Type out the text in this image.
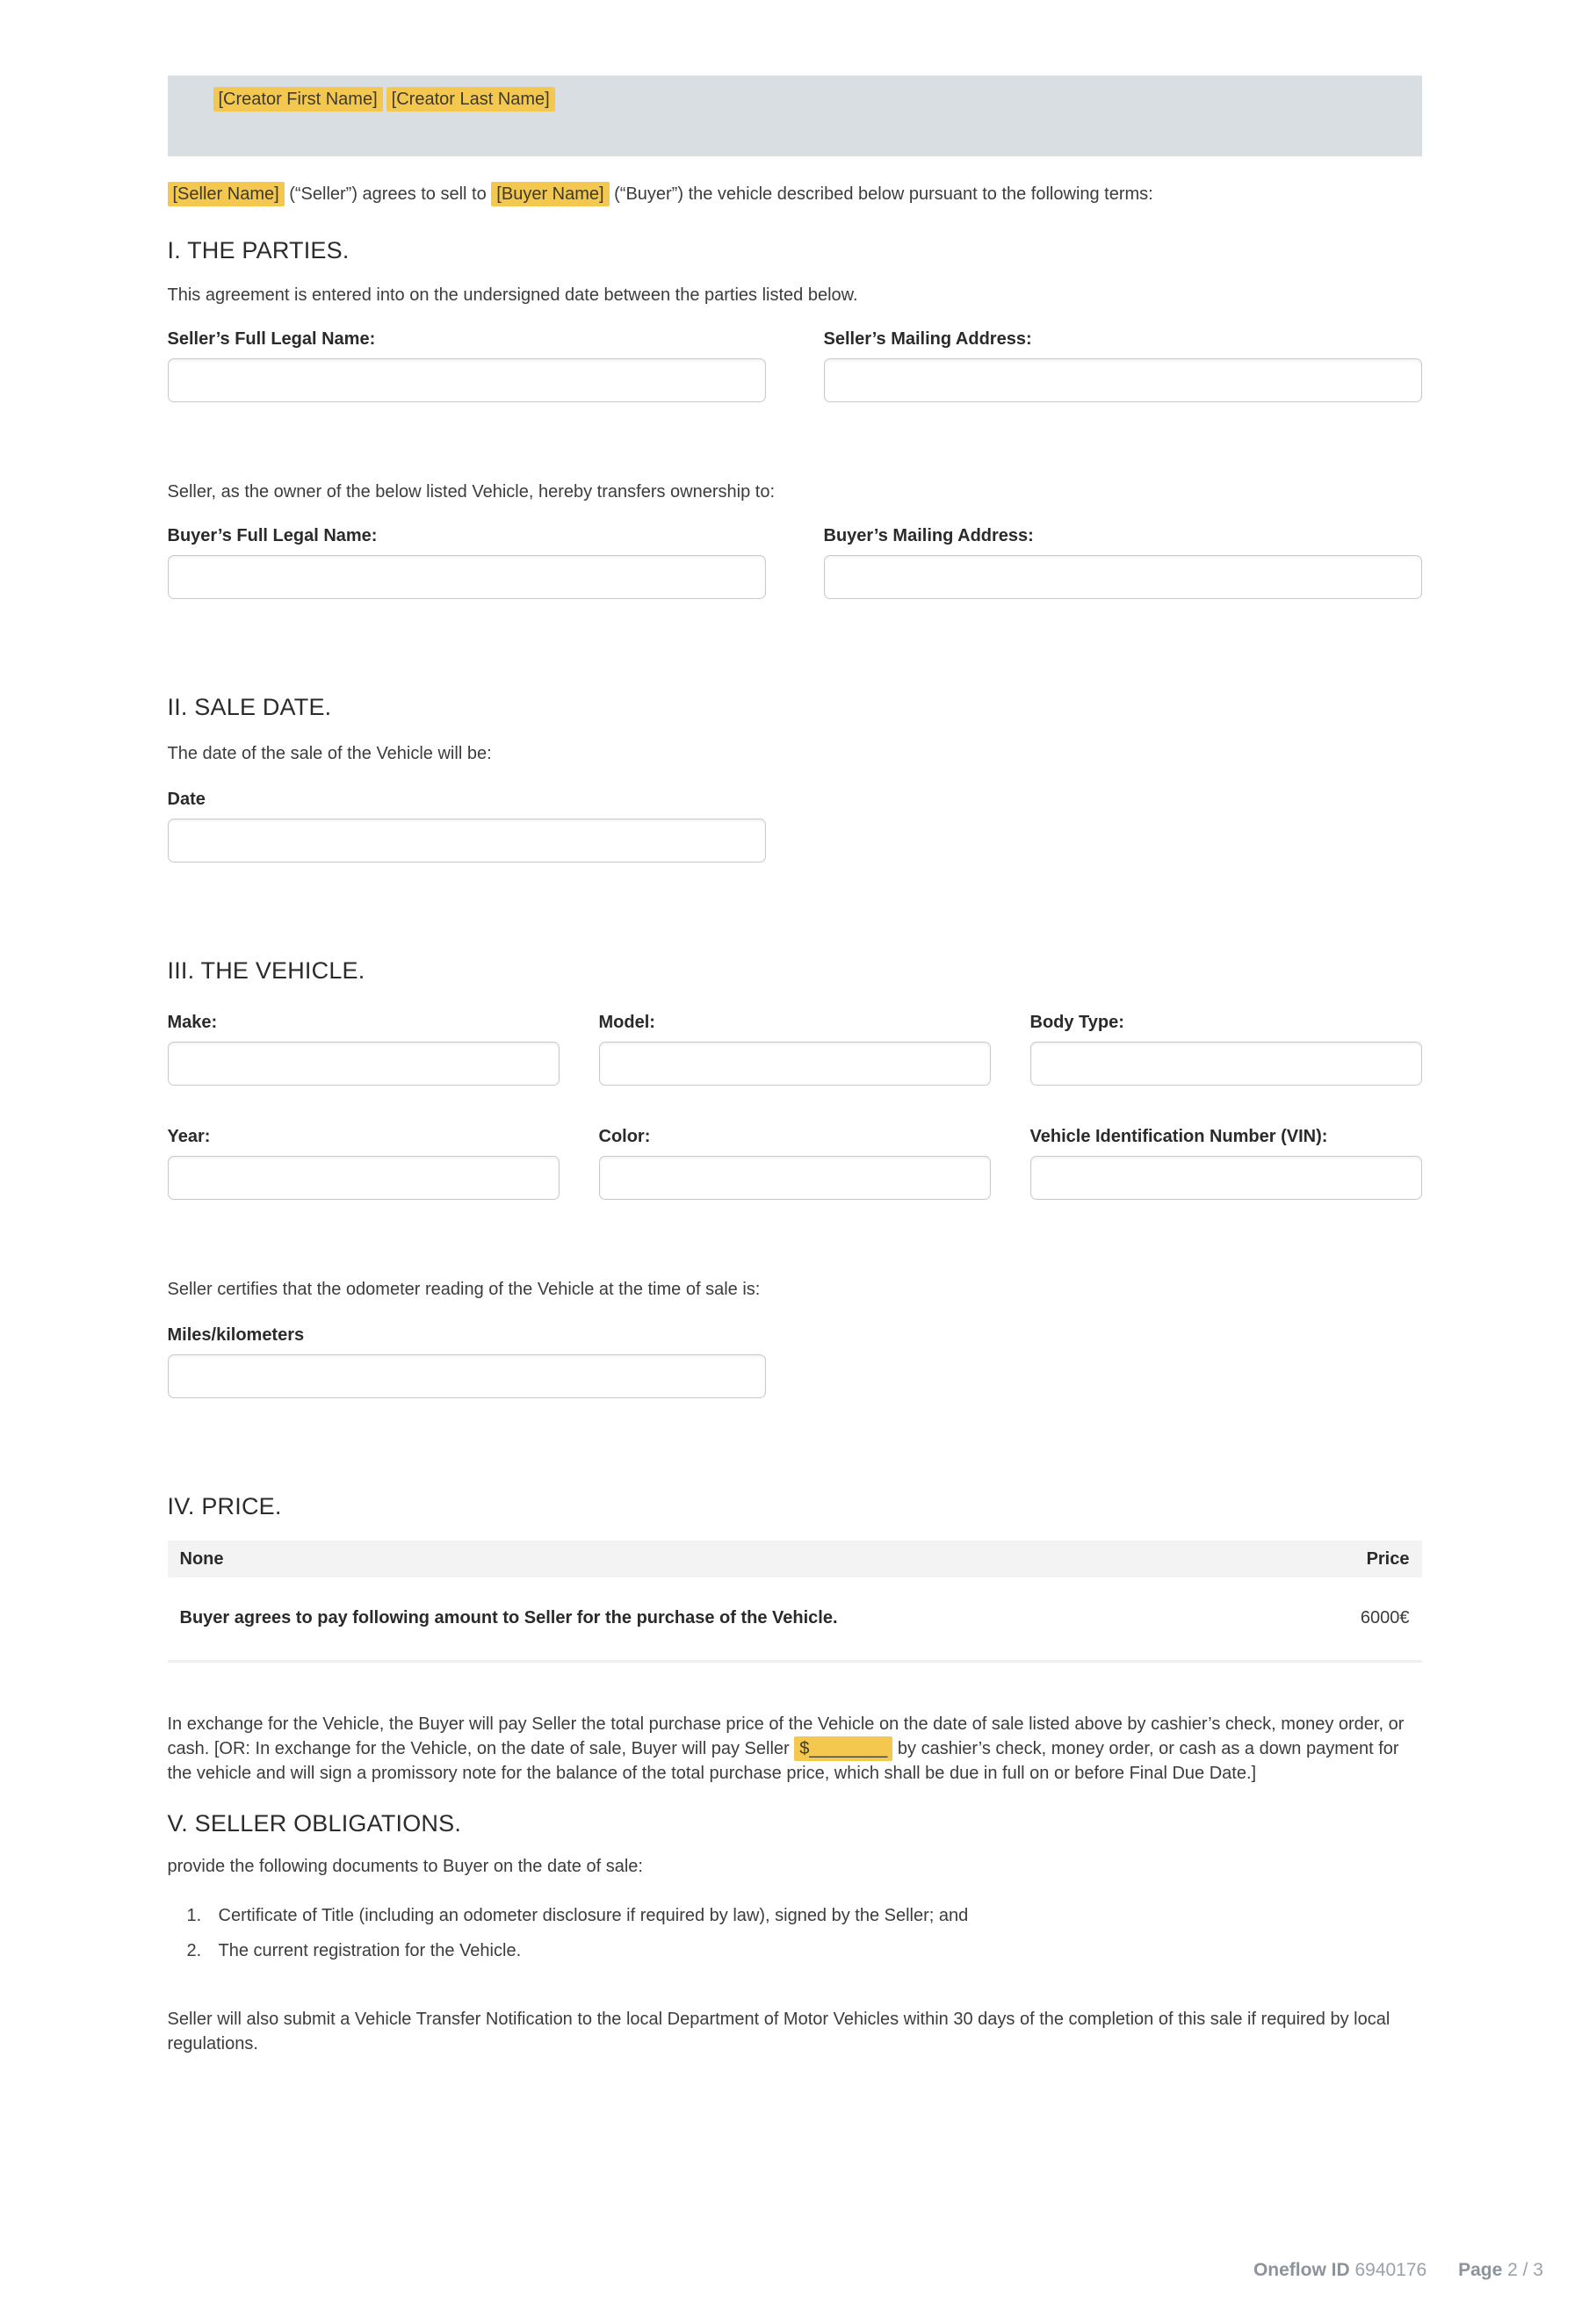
[Creator First Name] [Creator Last Name]

[Seller Name] (“Seller”) agrees to sell to [Buyer Name] (“Buyer”) the vehicle described below pursuant to the following terms:

I. THE PARTIES.

This agreement is entered into on the undersigned date between the parties listed below.

Seller’s Full Legal Name:	Seller’s Mailing Address:

Seller, as the owner of the below listed Vehicle, hereby transfers ownership to:

Buyer’s Full Legal Name:	Buyer’s Mailing Address:
II. SALE DATE.

The date of the sale of the Vehicle will be:

Date
III. THE VEHICLE.
Make:	Model:	Body Type:
Year:	Color:	Vehicle Identification Number (VIN):

Seller certifies that the odometer reading of the Vehicle at the time of sale is:

Miles/kilometers
IV. PRICE.
None	Price
Buyer agrees to pay following amount to Seller for the purchase of the Vehicle.	6000€

In exchange for the Vehicle, the Buyer will pay Seller the total purchase price of the Vehicle on the date of sale listed above by cashier’s check, money order, or cash. [OR: In exchange for the Vehicle, on the date of sale, Buyer will pay Seller $________ by cashier’s check, money order, or cash as a down payment for the vehicle and will sign a promissory note for the balance of the total purchase price, which shall be due in full on or before Final Due Date.]

V. SELLER OBLIGATIONS.

provide the following documents to Buyer on the date of sale:

1. Certificate of Title (including an odometer disclosure if required by law), signed by the Seller; and
2. The current registration for the Vehicle.

Seller will also submit a Vehicle Transfer Notification to the local Department of Motor Vehicles within 30 days of the completion of this sale if required by local regulations.

Oneflow ID 6940176 Page 2 / 3
